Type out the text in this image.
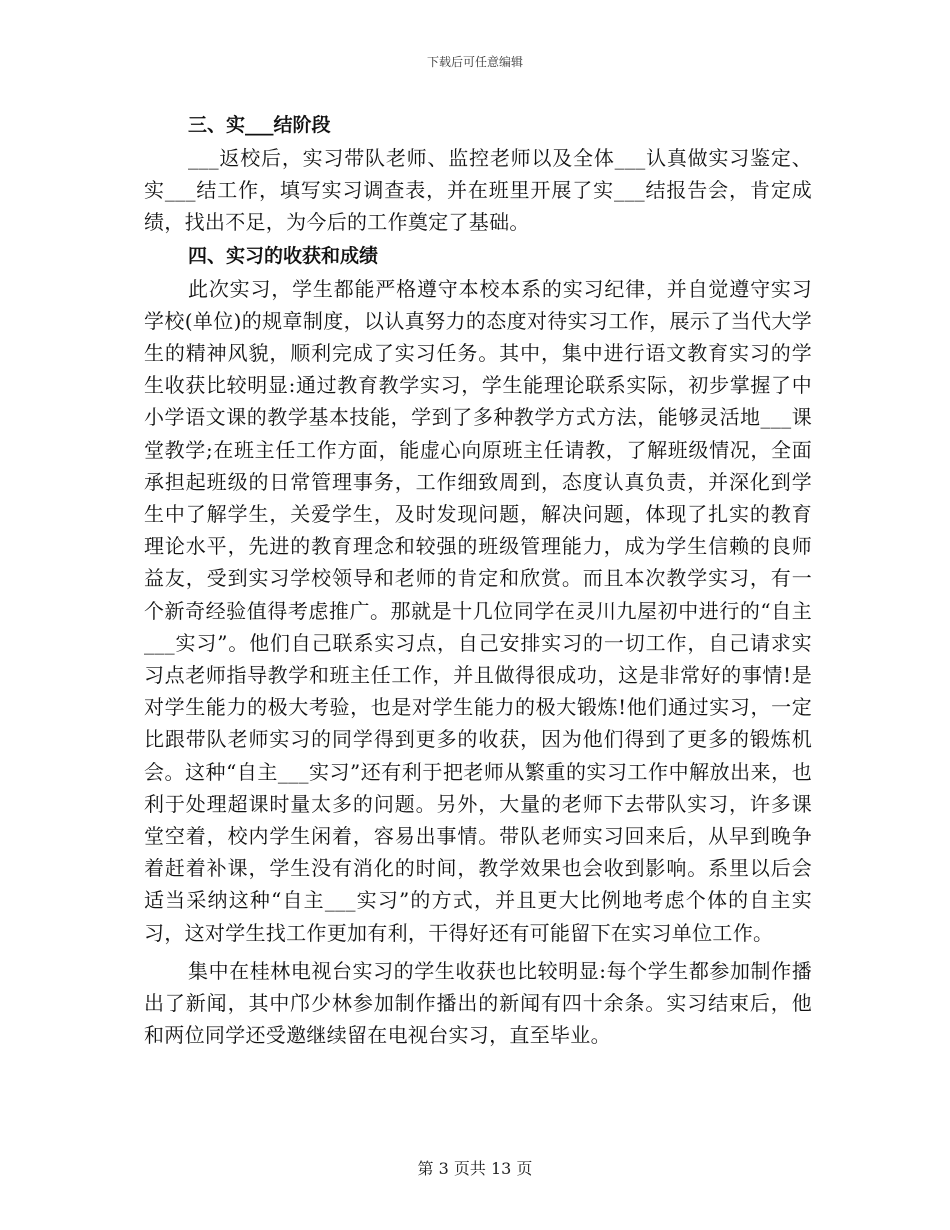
下载后可任意编辑
三、实___结阶段

___返校后，实习带队老师、监控老师以及全体___认真做实习鉴定、实___结工作，填写实习调查表，并在班里开展了实___结报告会，肯定成绩，找出不足，为今后的工作奠定了基础。

四、实习的收获和成绩

此次实习，学生都能严格遵守本校本系的实习纪律，并自觉遵守实习学校(单位)的规章制度，以认真努力的态度对待实习工作，展示了当代大学生的精神风貌，顺利完成了实习任务。其中，集中进行语文教育实习的学生收获比较明显:通过教育教学实习，学生能理论联系实际，初步掌握了中小学语文课的教学基本技能，学到了多种教学方式方法，能够灵活地___课堂教学;在班主任工作方面，能虚心向原班主任请教，了解班级情况，全面承担起班级的日常管理事务，工作细致周到，态度认真负责，并深化到学生中了解学生，关爱学生，及时发现问题，解决问题，体现了扎实的教育理论水平，先进的教育理念和较强的班级管理能力，成为学生信赖的良师益友，受到实习学校领导和老师的肯定和欣赏。而且本次教学实习，有一个新奇经验值得考虑推广。那就是十几位同学在灵川九屋初中进行的“自主___实习”。他们自己联系实习点，自己安排实习的一切工作，自己请求实习点老师指导教学和班主任工作，并且做得很成功，这是非常好的事情!是对学生能力的极大考验，也是对学生能力的极大锻炼!他们通过实习，一定比跟带队老师实习的同学得到更多的收获，因为他们得到了更多的锻炼机会。这种“自主___实习”还有利于把老师从繁重的实习工作中解放出来，也利于处理超课时量太多的问题。另外，大量的老师下去带队实习，许多课堂空着，校内学生闲着，容易出事情。带队老师实习回来后，从早到晚争着赶着补课，学生没有消化的时间，教学效果也会收到影响。系里以后会适当采纳这种“自主___实习”的方式，并且更大比例地考虑个体的自主实习，这对学生找工作更加有利，干得好还有可能留下在实习单位工作。

集中在桂林电视台实习的学生收获也比较明显:每个学生都参加制作播出了新闻，其中邝少林参加制作播出的新闻有四十余条。实习结束后，他和两位同学还受邀继续留在电视台实习，直至毕业。

第 3 页共 13 页
